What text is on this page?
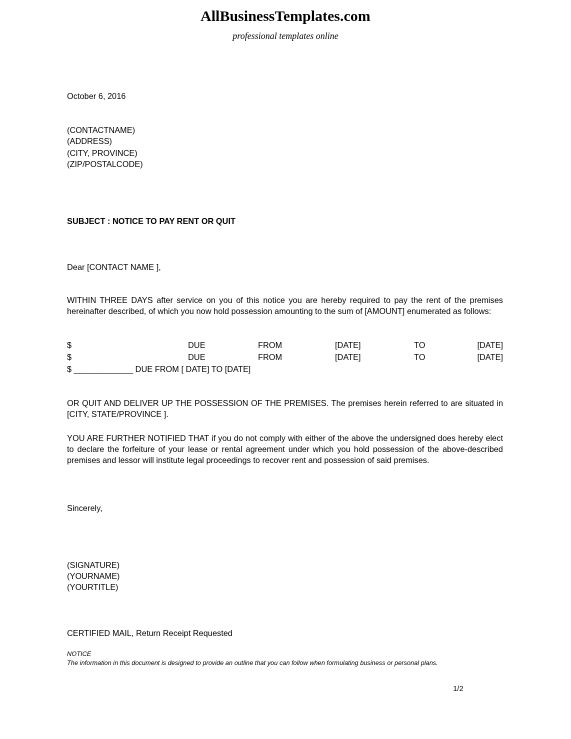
AllBusinessTemplates.com
professional templates online
October 6, 2016
(CONTACTNAME)
(ADDRESS)
(CITY, PROVINCE)
(ZIP/POSTALCODE)
SUBJECT : NOTICE TO PAY RENT OR QUIT
Dear [CONTACT NAME ],
WITHIN THREE DAYS after service on you of this notice you are hereby required to pay the rent of the premises hereinafter described, of which you now hold possession amounting to the sum of [AMOUNT] enumerated as follows:
$	DUE	FROM	[DATE]	TO	[DATE]
$	DUE	FROM	[DATE]	TO	[DATE]
$ _____________ DUE FROM [ DATE] TO [DATE]
OR QUIT AND DELIVER UP THE POSSESSION OF THE PREMISES. The premises herein referred to are situated in [CITY, STATE/PROVINCE ].
YOU ARE FURTHER NOTIFIED THAT if you do not comply with either of the above the undersigned does hereby elect to declare the forfeiture of your lease or rental agreement under which you hold possession of the above-described premises and lessor will institute legal proceedings to recover rent and possession of said premises.
Sincerely,
(SIGNATURE)
(YOURNAME)
(YOURTITLE)
CERTIFIED MAIL, Return Receipt Requested
NOTICE
The information in this document is designed to provide an outline that you can follow when formulating business or personal plans.
1/2
